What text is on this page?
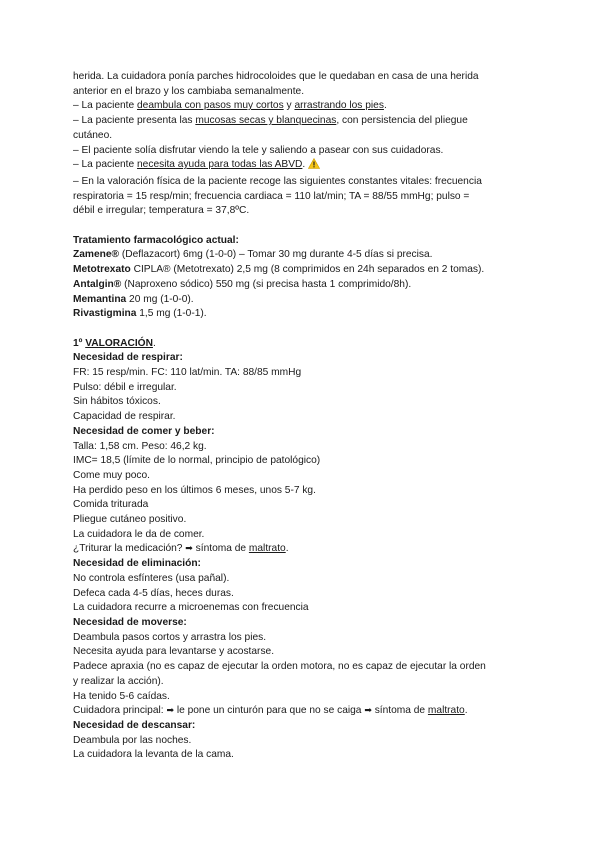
herida. La cuidadora ponía parches hidrocoloides que le quedaban en casa de una herida
anterior en el brazo y los cambiaba semanalmente.
– La paciente deambula con pasos muy cortos y arrastrando los pies.
– La paciente presenta las mucosas secas y blanquecinas, con persistencia del pliegue
cutáneo.
– El paciente solía disfrutar viendo la tele y saliendo a pasear con sus cuidadoras.
– La paciente necesita ayuda para todas las ABVD.
– En la valoración física de la paciente recoge las siguientes constantes vitales: frecuencia
respiratoria = 15 resp/min; frecuencia cardiaca = 110 lat/min; TA = 88/55 mmHg; pulso =
débil e irregular; temperatura = 37,8ºC.
Tratamiento farmacológico actual:
Zamene® (Deflazacort) 6mg (1-0-0) – Tomar 30 mg durante 4-5 días si precisa.
Metotrexato CIPLA® (Metotrexato) 2,5 mg (8 comprimidos en 24h separados en 2 tomas).
Antalgin® (Naproxeno sódico) 550 mg (si precisa hasta 1 comprimido/8h).
Memantina 20 mg (1-0-0).
Rivastigmina 1,5 mg (1-0-1).
1º VALORACIÓN.
Necesidad de respirar:
FR: 15 resp/min. FC: 110 lat/min. TA: 88/85 mmHg
Pulso: débil e irregular.
Sin hábitos tóxicos.
Capacidad de respirar.
Necesidad de comer y beber:
Talla: 1,58 cm. Peso: 46,2 kg.
IMC= 18,5 (límite de lo normal, principio de patológico)
Come muy poco.
Ha perdido peso en los últimos 6 meses, unos 5-7 kg.
Comida triturada
Pliegue cutáneo positivo.
La cuidadora le da de comer.
¿Triturar la medicación? ➡ síntoma de maltrato.
Necesidad de eliminación:
No controla esfínteres (usa pañal).
Defeca cada 4-5 días, heces duras.
La cuidadora recurre a microenemas con frecuencia
Necesidad de moverse:
Deambula pasos cortos y arrastra los pies.
Necesita ayuda para levantarse y acostarse.
Padece apraxia (no es capaz de ejecutar la orden motora, no es capaz de ejecutar la orden
y realizar la acción).
Ha tenido 5-6 caídas.
Cuidadora principal: ➡ le pone un cinturón para que no se caiga ➡ síntoma de maltrato.
Necesidad de descansar:
Deambula por las noches.
La cuidadora la levanta de la cama.
